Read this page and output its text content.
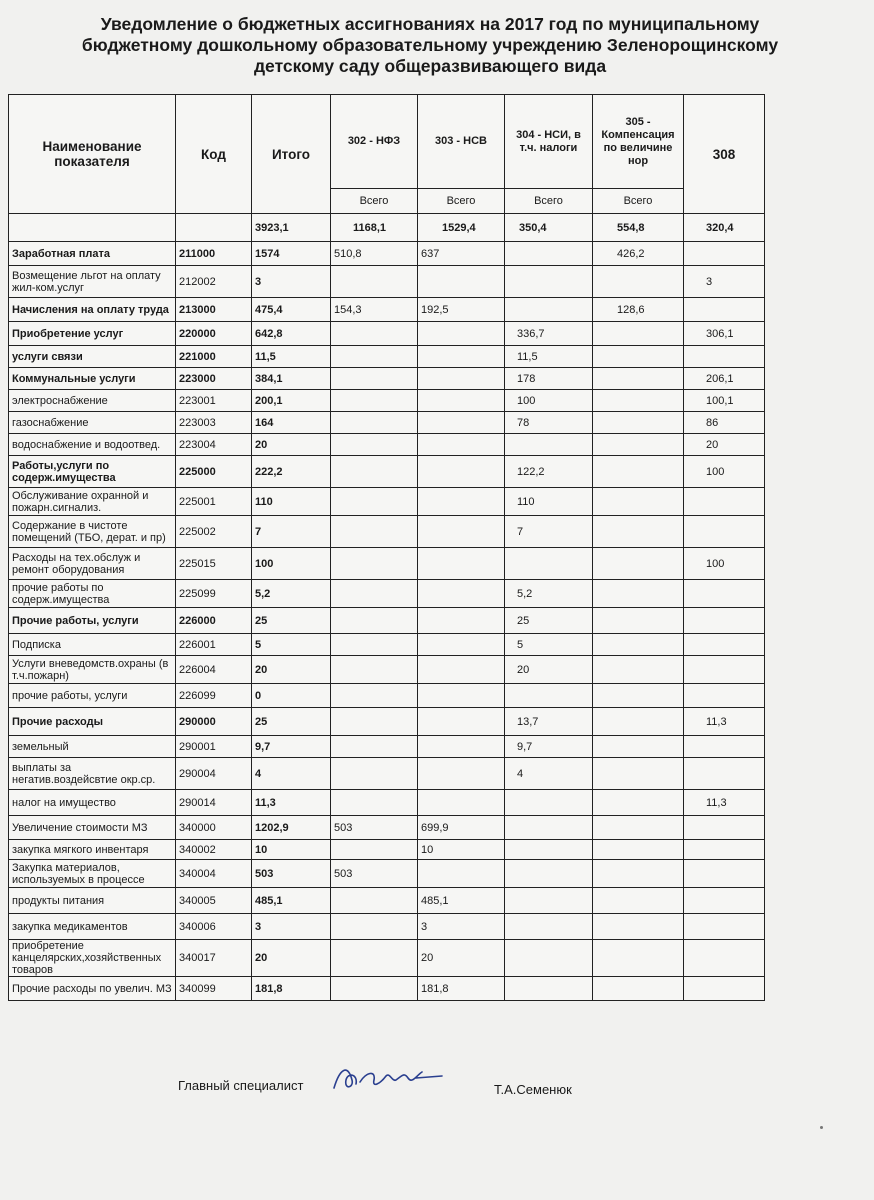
Уведомление о бюджетных ассигнованиях на 2017 год по муниципальному
бюджетному дошкольному образовательному учреждению Зеленорощинскому
детскому саду общеразвивающего вида
Наименование показателя	Код	Итого	302 - НФЗ	303 - НСВ	304 - НСИ, в т.ч. налоги	305 - Компенсация по величине нор	308
			Всего	Всего	Всего	Всего	
		3923,1	1168,1	1529,4	350,4	554,8	320,4
Заработная плата	211000	1574	510,8	637		426,2	
Возмещение льгот на оплату жил-ком.услуг	212002	3					3
Начисления на оплату труда	213000	475,4	154,3	192,5		128,6	
Приобретение услуг	220000	642,8			336,7		306,1
услуги связи	221000	11,5			11,5		
Коммунальные услуги	223000	384,1			178		206,1
электроснабжение	223001	200,1			100		100,1
газоснабжение	223003	164			78		86
водоснабжение и водоотвед.	223004	20					20
Работы,услуги по содерж.имущества	225000	222,2			122,2		100
Обслуживание охранной и пожарн.сигнализ.	225001	110			110		
Содержание в чистоте помещений (ТБО, дерат. и пр)	225002	7			7		
Расходы на тех.обслуж и ремонт оборудования	225015	100					100
прочие работы по содерж.имущества	225099	5,2			5,2		
Прочие работы, услуги	226000	25			25		
Подписка	226001	5			5		
Услуги вневедомств.охраны (в т.ч.пожарн)	226004	20			20		
прочие работы, услуги	226099	0					
Прочие расходы	290000	25			13,7		11,3
земельный	290001	9,7			9,7		
выплаты за негатив.воздейсвтие окр.ср.	290004	4			4		
налог на имущество	290014	11,3					11,3
Увеличение стоимости МЗ	340000	1202,9	503	699,9			
закупка мягкого инвентаря	340002	10		10			
Закупка материалов, используемых в процессе	340004	503	503				
продукты питания	340005	485,1		485,1			
закупка медикаментов	340006	3		3			
приобретение канцелярских,хозяйственных товаров	340017	20		20			
Прочие расходы по увелич. МЗ	340099	181,8		181,8			
Главный специалист	Т.А.Семенюк
